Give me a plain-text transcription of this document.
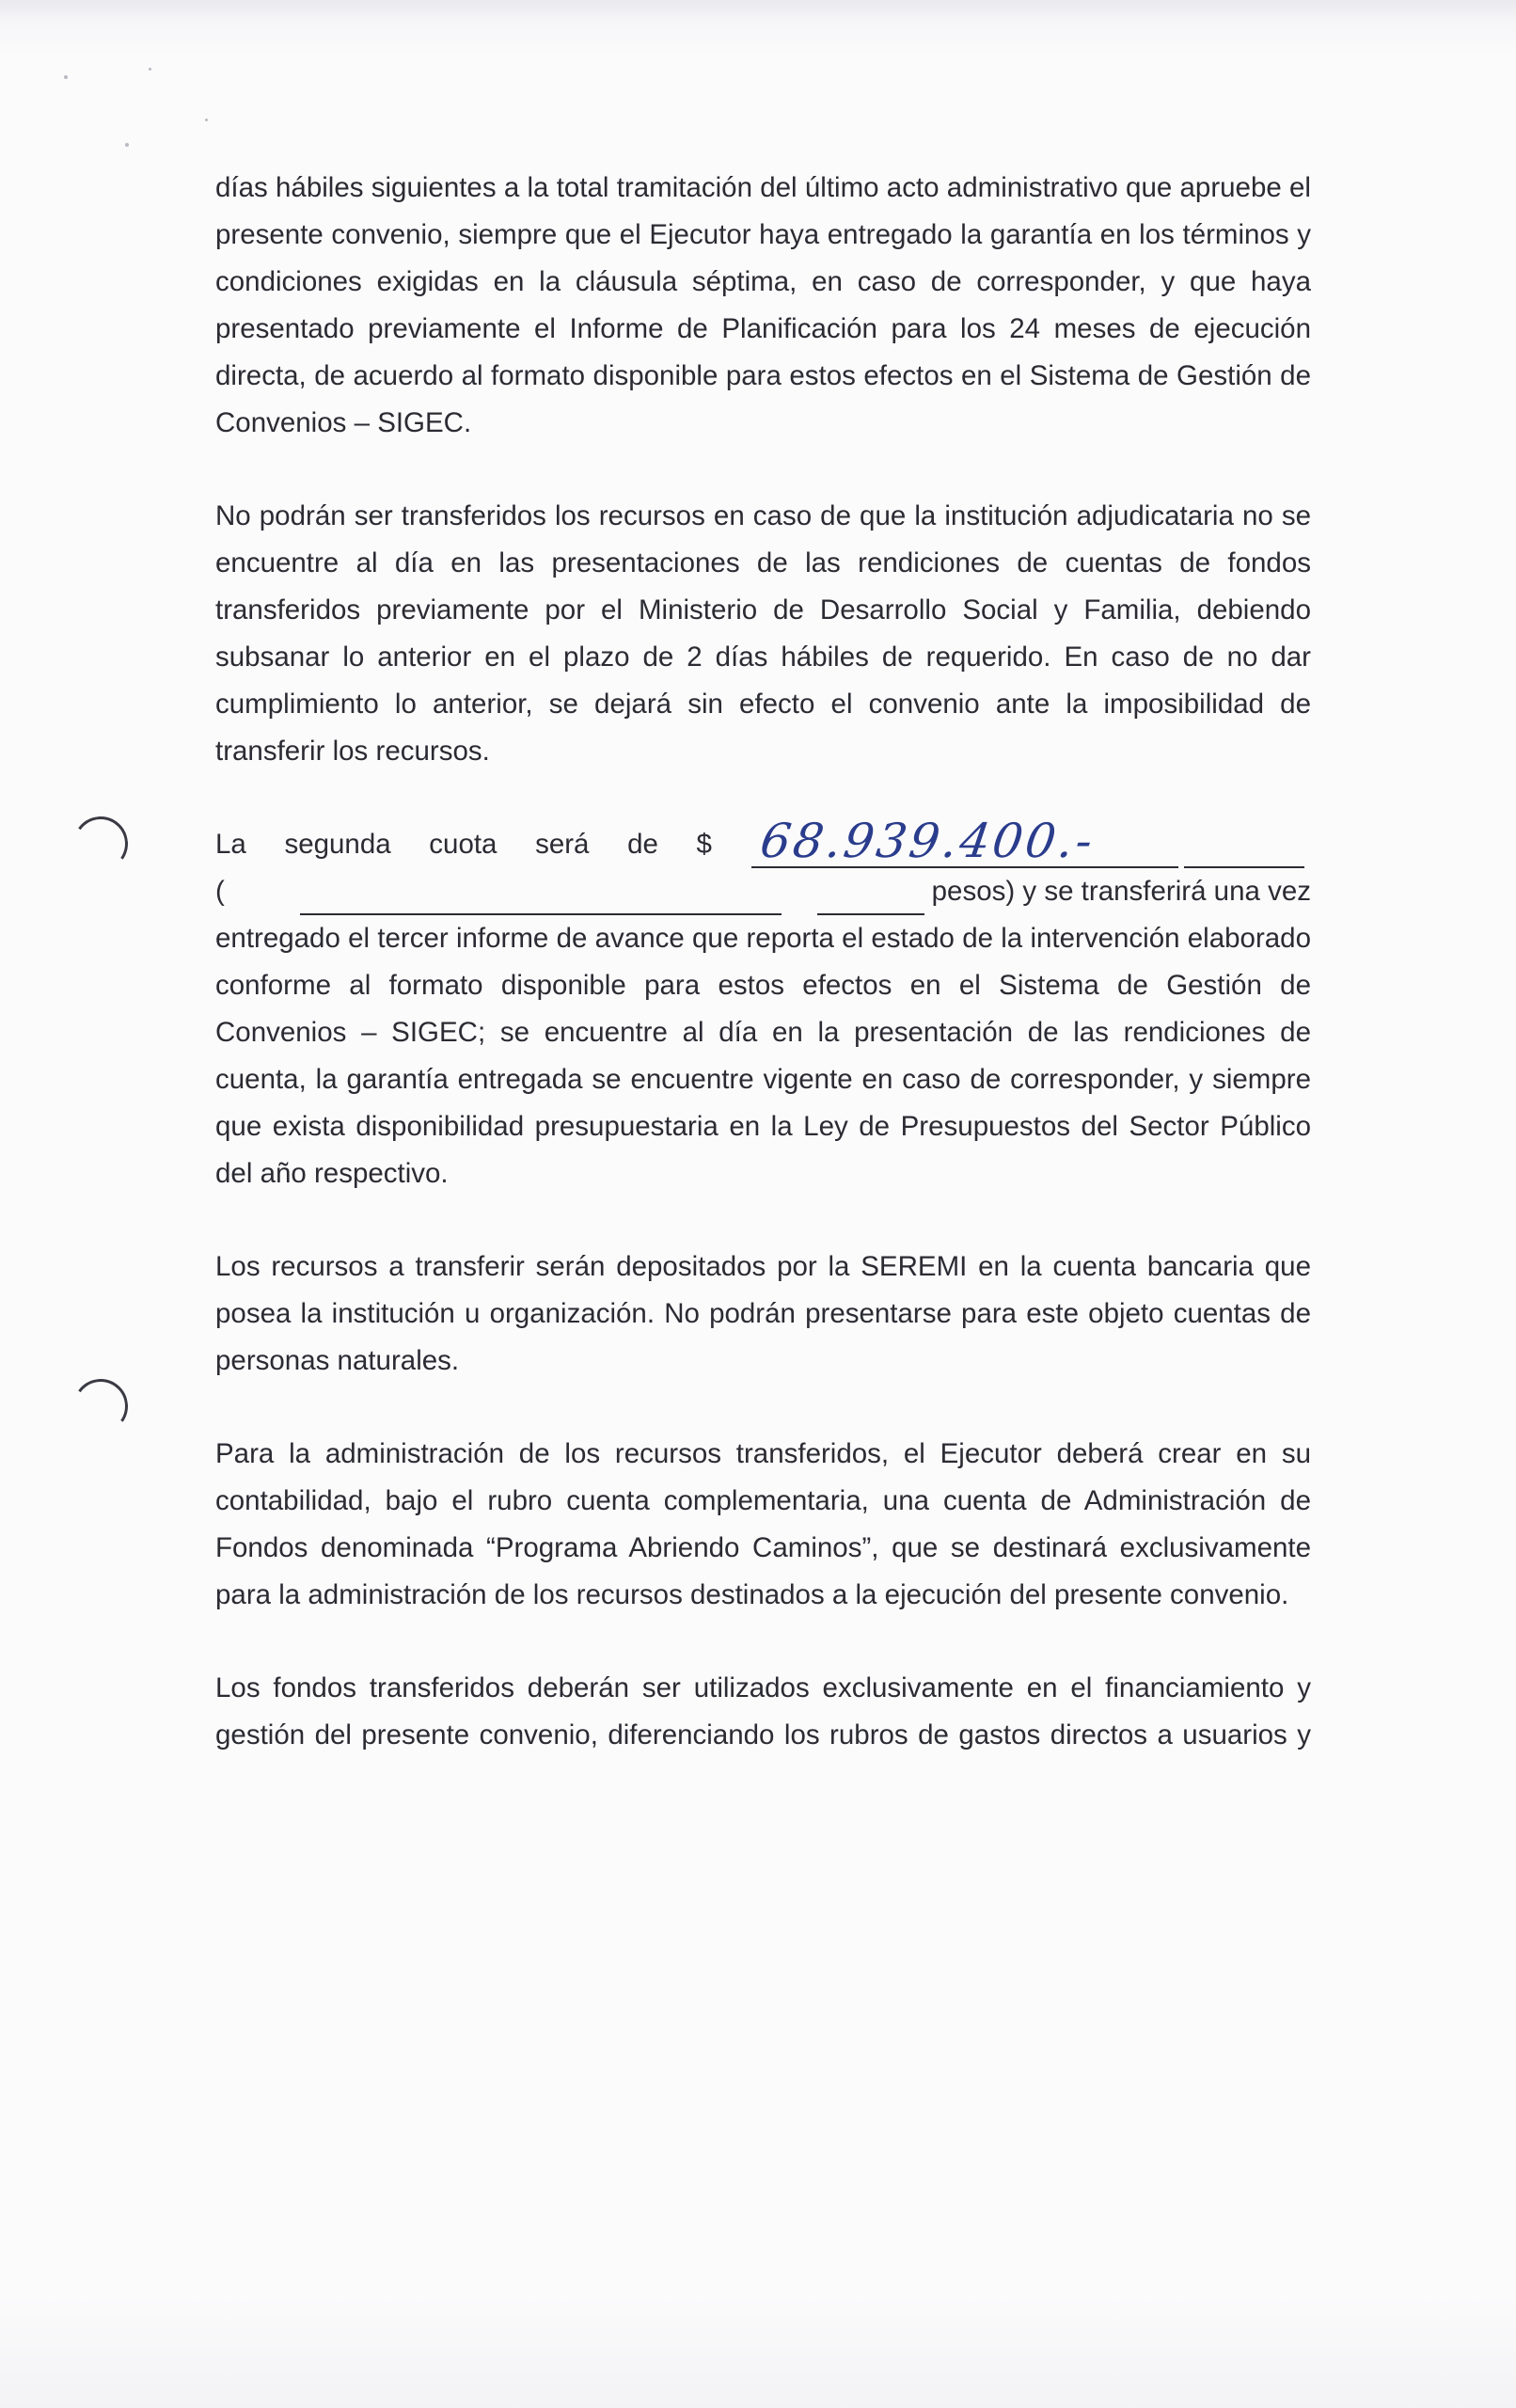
días hábiles siguientes a la total tramitación del último acto administrativo que apruebe el presente convenio, siempre que el Ejecutor haya entregado la garantía en los términos y condiciones exigidas en la cláusula séptima, en caso de corresponder, y que haya presentado previamente el Informe de Planificación para los 24 meses de ejecución directa, de acuerdo al formato disponible para estos efectos en el Sistema de Gestión de Convenios – SIGEC.

No podrán ser transferidos los recursos en caso de que la institución adjudicataria no se encuentre al día en las presentaciones de las rendiciones de cuentas de fondos transferidos previamente por el Ministerio de Desarrollo Social y Familia, debiendo subsanar lo anterior en el plazo de 2 días hábiles de requerido. En caso de no dar cumplimiento lo anterior, se dejará sin efecto el convenio ante la imposibilidad de transferir los recursos.

La segunda cuota será de $ 68.939.400.-
(	pesos) y se transferirá una vez

entregado el tercer informe de avance que reporta el estado de la intervención elaborado conforme al formato disponible para estos efectos en el Sistema de Gestión de Convenios – SIGEC; se encuentre al día en la presentación de las rendiciones de cuenta, la garantía entregada se encuentre vigente en caso de corresponder, y siempre que exista disponibilidad presupuestaria en la Ley de Presupuestos del Sector Público del año respectivo.

Los recursos a transferir serán depositados por la SEREMI en la cuenta bancaria que posea la institución u organización. No podrán presentarse para este objeto cuentas de personas naturales.

Para la administración de los recursos transferidos, el Ejecutor deberá crear en su contabilidad, bajo el rubro cuenta complementaria, una cuenta de Administración de Fondos denominada “Programa Abriendo Caminos”, que se destinará exclusivamente para la administración de los recursos destinados a la ejecución del presente convenio.

Los fondos transferidos deberán ser utilizados exclusivamente en el financiamiento y gestión del presente convenio, diferenciando los rubros de gastos directos a usuarios y
